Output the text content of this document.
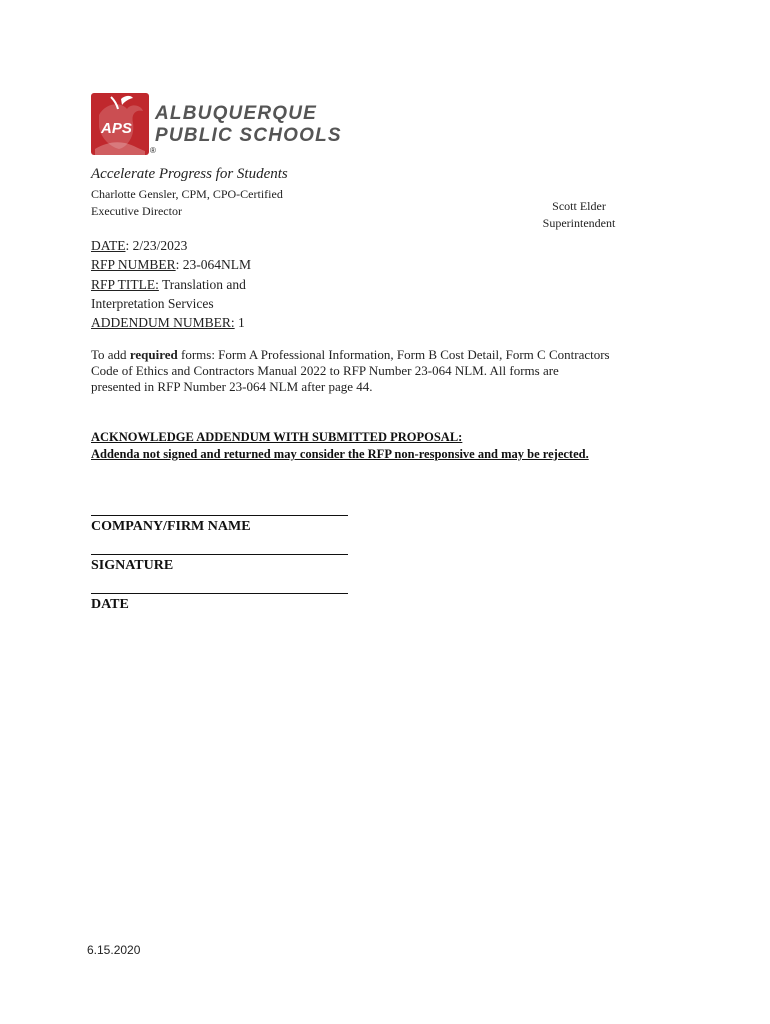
APS
®
ALBUQUERQUE
PUBLIC SCHOOLS
Accelerate Progress for Students
Charlotte Gensler, CPM, CPO-Certified
Executive Director	Scott Elder
Superintendent
DATE: 2/23/2023
RFP NUMBER: 23-064NLM
RFP TITLE: Translation and
Interpretation Services
ADDENDUM NUMBER: 1
To add required forms: Form A Professional Information, Form B Cost Detail, Form C Contractors Code of Ethics and Contractors Manual 2022 to RFP Number 23-064 NLM. All forms are presented in RFP Number 23-064 NLM after page 44.
ACKNOWLEDGE ADDENDUM WITH SUBMITTED PROPOSAL:
Addenda not signed and returned may consider the RFP non-responsive and may be rejected.
COMPANY/FIRM NAME
SIGNATURE
DATE
6.15.2020
